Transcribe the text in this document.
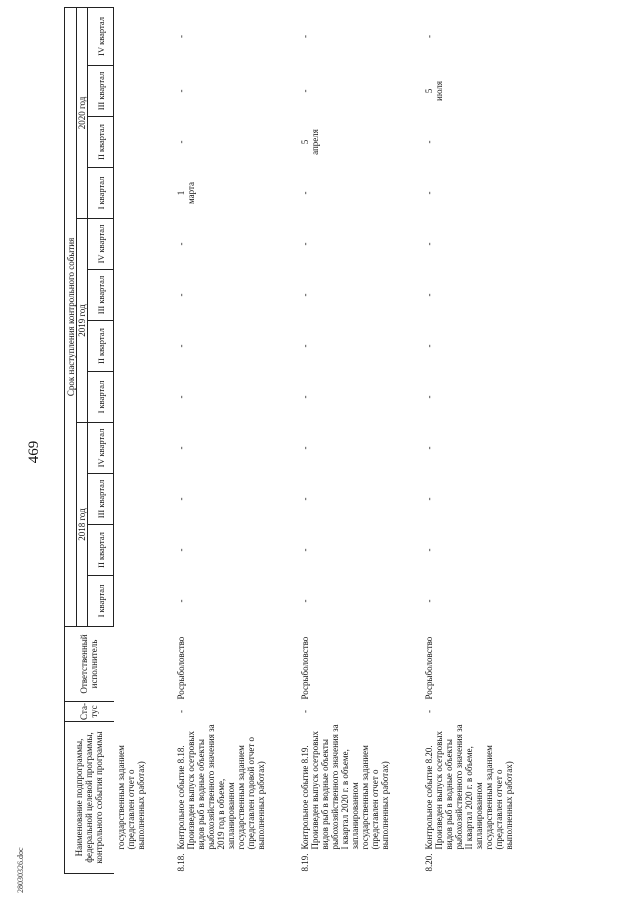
469
28030326.doc
Наименование подпрограммы, федеральной целевой программы, контрольного события программы	Ста-тус	Ответственный исполнитель	Срок наступления контрольного события											
			2018 год				2019 год				2020 год			
			I квартал	II квартал	III квартал	IV квартал	I квартал	II квартал	III квартал	IV квартал	I квартал	II квартал	III квартал	IV квартал

государственным заданием (представлен отчет о выполненных работах)														

8.18.
Контрольное событие 8.18. Произведен выпуск осетровых видов рыб в водные объекты рыбохозяйственного значения за 2019 год в объеме, запланированном государственным заданием (представлен годовой отчет о выполненных работах)	-	Росрыболовство	-	-	-	-	-	-	-	-	1
марта	-	-	-

8.19.
Контрольное событие 8.19. Произведен выпуск осетровых видов рыб в водные объекты рыбохозяйственного значения за I квартал 2020 г. в объеме, запланированном государственным заданием (представлен отчет о выполненных работах)	-	Росрыболовство	-	-	-	-	-	-	-	-	-	5
апреля	-	-

8.20.
Контрольное событие 8.20. Произведен выпуск осетровых видов рыб в водные объекты рыбохозяйственного значения за II квартал 2020 г. в объеме, запланированном государственным заданием (представлен отчет о выполненных работах)	-	Росрыболовство	-	-	-	-	-	-	-	-	-	-	5
июля	-
